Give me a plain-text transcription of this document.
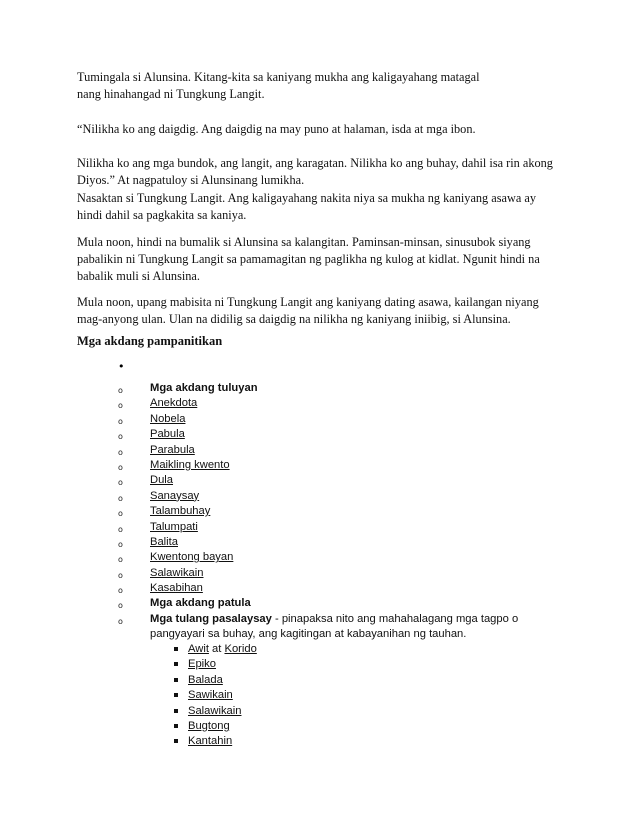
Tumingala si Alunsina. Kitang-kita sa kaniyang mukha ang kaligayahang matagal
nang hinahangad ni Tungkung Langit.

“Nilikha ko ang daigdig. Ang daigdig na may puno at halaman, isda at mga ibon.

Nilikha ko ang mga bundok, ang langit, ang karagatan. Nilikha ko ang buhay, dahil isa rin akong
Diyos.” At nagpatuloy si Alunsinang lumikha.

Nasaktan si Tungkung Langit. Ang kaligayahang nakita niya sa mukha ng kaniyang asawa ay
hindi dahil sa pagkakita sa kaniya.

Mula noon, hindi na bumalik si Alunsina sa kalangitan. Paminsan-minsan, sinusubok siyang
pabalikin ni Tungkung Langit sa pamamagitan ng paglikha ng kulog at kidlat. Ngunit hindi na
babalik muli si Alunsina.

Mula noon, upang mabisita ni Tungkung Langit ang kaniyang dating asawa, kailangan niyang
mag-anyong ulan. Ulan na didilig sa daigdig na nilikha ng kaniyang iniibig, si Alunsina.

Mga akdang pampanitikan
•
o Mga akdang tuluyan
o Anekdota
o Nobela
o Pabula
o Parabula
o Maikling kwento
o Dula
o Sanaysay
o Talambuhay
o Talumpati
o Balita
o Kwentong bayan
o Salawikain
o Kasabihan
o Mga akdang patula
o Mga tulang pasalaysay - pinapaksa nito ang mahahalagang mga tagpo o pangyayari sa buhay, ang kagitingan at kabayanihan ng tauhan.
Awit at Korido
Epiko
Balada
Sawikain
Salawikain
Bugtong
Kantahin
